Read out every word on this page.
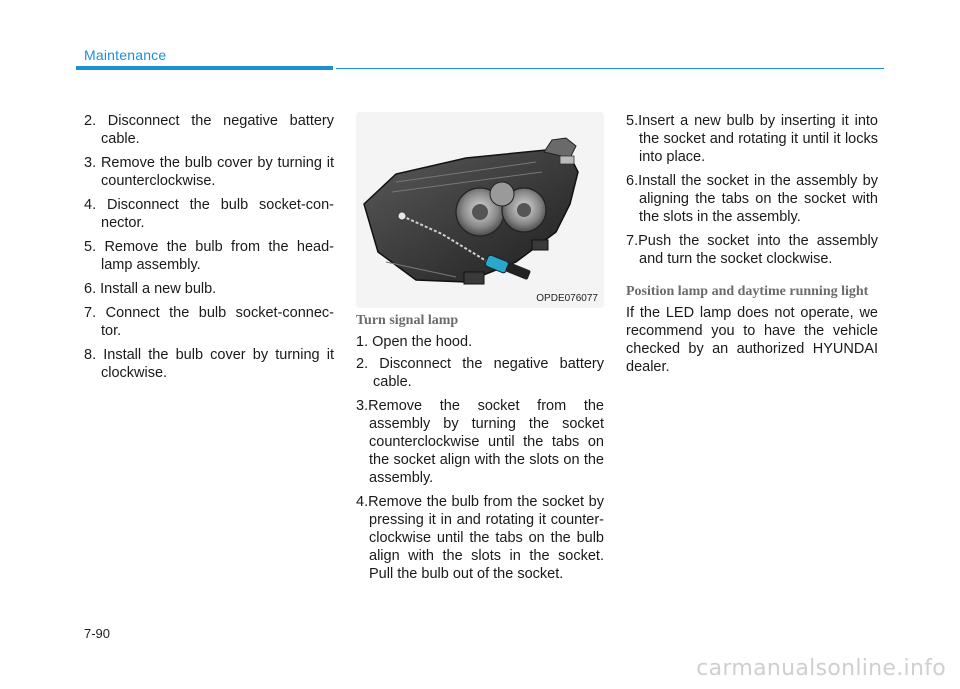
Maintenance

2. Disconnect the negative battery cable.

3. Remove the bulb cover by turning it counterclockwise.

4. Disconnect the bulb socket-con- nector.

5. Remove the bulb from the head- lamp assembly.

6. Install a new bulb.

7. Connect the bulb socket-connec- tor.

8. Install the bulb cover by turning it clockwise.

OPDE076077

Turn signal lamp

1. Open the hood.

2. Disconnect the negative battery cable.

3.Remove the socket from the assembly by turning the socket counterclockwise until the tabs on the socket align with the slots on the assembly.

4.Remove the bulb from the socket by pressing it in and rotating it counter- clockwise until the tabs on the bulb align with the slots in the socket. Pull the bulb out of the socket.

5.Insert a new bulb by inserting it into the socket and rotating it until it locks into place.

6.Install the socket in the assembly by aligning the tabs on the socket with the slots in the assembly.

7.Push the socket into the assembly and turn the socket clockwise.

Position lamp and daytime running light

If the LED lamp does not operate, we recommend you to have the vehicle checked by an authorized HYUNDAI dealer.

7-90
carmanualsonline.info
